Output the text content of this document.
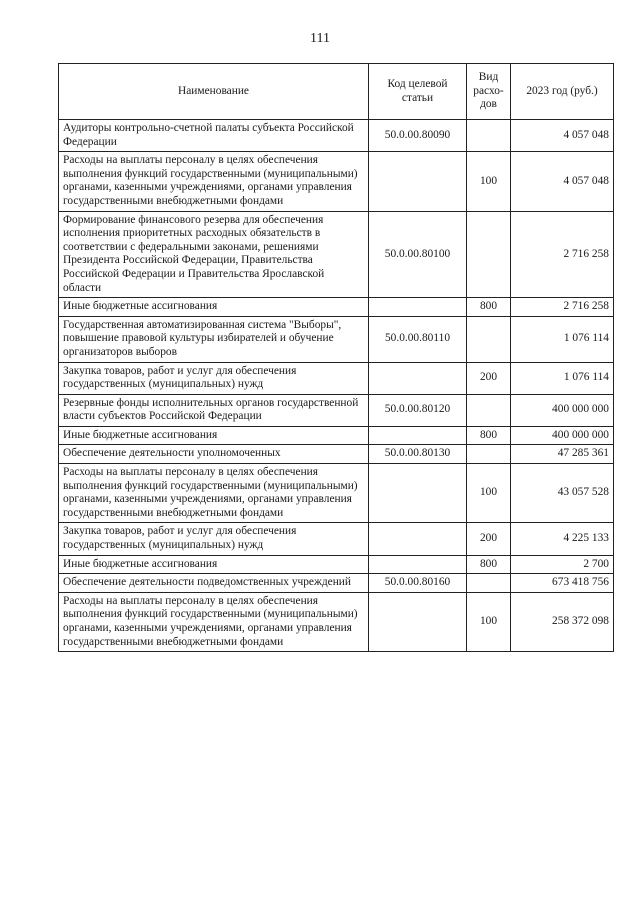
111
Наименование	Код целевой статьи	Вид расхо-дов	2023 год (руб.)
Аудиторы контрольно-счетной палаты субъекта Российской Федерации	50.0.00.80090		4 057 048
Расходы на выплаты персоналу в целях обеспечения выполнения функций государственными (муниципальными) органами, казенными учреждениями, органами управления государственными внебюджетными фондами		100	4 057 048
Формирование финансового резерва для обеспечения исполнения приоритетных расходных обязательств в соответствии с федеральными законами, решениями Президента Российской Федерации, Правительства Российской Федерации и Правительства Ярославской области	50.0.00.80100		2 716 258
Иные бюджетные ассигнования		800	2 716 258
Государственная автоматизированная система "Выборы", повышение правовой культуры избирателей и обучение организаторов выборов	50.0.00.80110		1 076 114
Закупка товаров, работ и услуг для обеспечения государственных (муниципальных) нужд		200	1 076 114
Резервные фонды исполнительных органов государственной власти субъектов Российской Федерации	50.0.00.80120		400 000 000
Иные бюджетные ассигнования		800	400 000 000
Обеспечение деятельности уполномоченных	50.0.00.80130		47 285 361
Расходы на выплаты персоналу в целях обеспечения выполнения функций государственными (муниципальными) органами, казенными учреждениями, органами управления государственными внебюджетными фондами		100	43 057 528
Закупка товаров, работ и услуг для обеспечения государственных (муниципальных) нужд		200	4 225 133
Иные бюджетные ассигнования		800	2 700
Обеспечение деятельности подведомственных учреждений	50.0.00.80160		673 418 756
Расходы на выплаты персоналу в целях обеспечения выполнения функций государственными (муниципальными) органами, казенными учреждениями, органами управления государственными внебюджетными фондами		100	258 372 098
